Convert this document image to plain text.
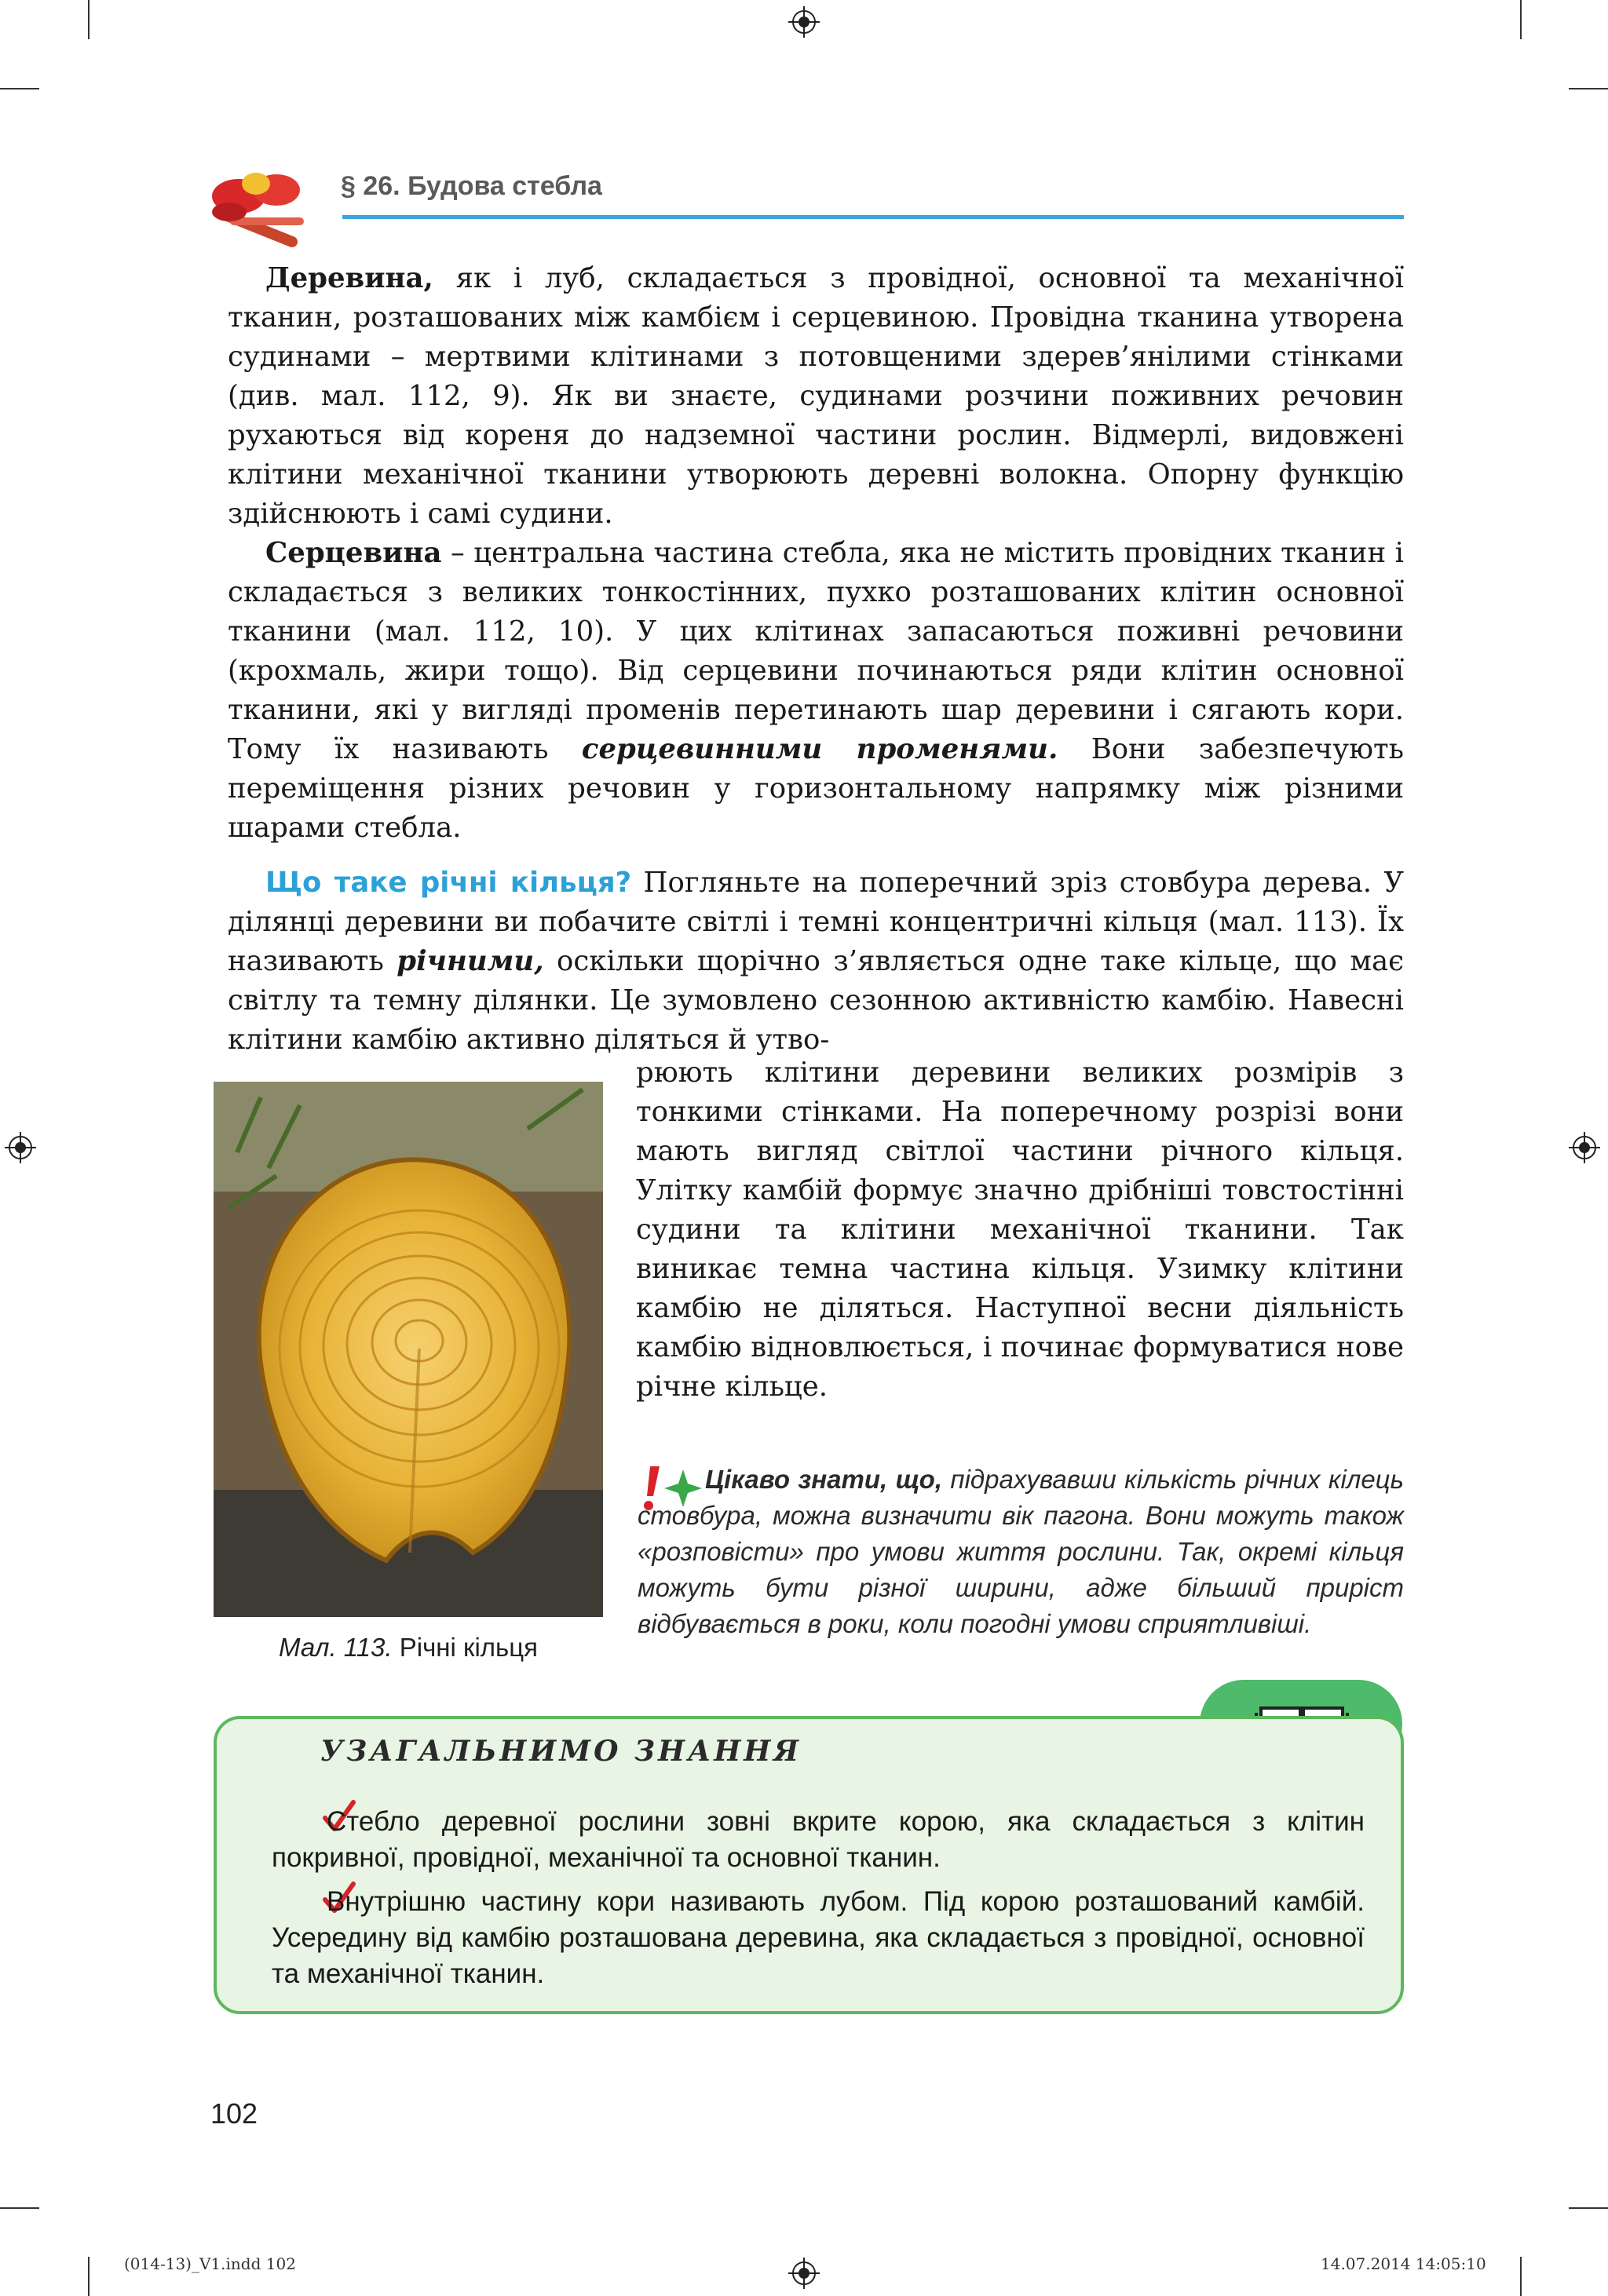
§ 26. Будова стебла

Деревина, як і луб, складається з провідної, основної та механічної тканин, розташованих між камбієм і серцевиною. Провідна тканина утворена судинами – мертвими клітинами з потовщеними здерев’янілими стінками (див. мал. 112, 9). Як ви знаєте, судинами розчини поживних речовин рухаються від кореня до надземної частини рослин. Відмерлі, видовжені клітини механічної тканини утворюють деревні волокна. Опорну функцію здійснюють і самі судини.

Серцевина – центральна частина стебла, яка не містить провідних тканин і складається з великих тонкостінних, пухко розташованих клітин основної тканини (мал. 112, 10). У цих клітинах запасаються поживні речовини (крохмаль, жири тощо). Від серцевини починаються ряди клітин основної тканини, які у вигляді променів перетинають шар деревини і сягають кори. Тому їх називають серцевинними променями. Вони забезпечують переміщення різних речовин у горизонтальному напрямку між різними шарами стебла.

Що таке річні кільця? Погляньте на поперечний зріз стовбура дерева. У ділянці деревини ви побачите світлі і темні концентричні кільця (мал. 113). Їх називають річними, оскільки щорічно з’являється одне таке кільце, що має світлу та темну ділянки. Це зумовлено сезонною активністю камбію. Навесні клітини камбію активно діляться й утво-

рюють клітини деревини великих розмірів з тонкими стінками. На поперечному розрізі вони мають вигляд світлої частини річного кільця. Улітку камбій формує значно дрібніші товстостінні судини та клітини механічної тканини. Так виникає темна частина кільця. Узимку клітини камбію не діляться. Наступної весни діяльність камбію відновлюється, і починає формуватися нове річне кільце.

Мал. 113. Річні кільця
Цікаво знати, що, підрахувавши кількість річних кілець стовбура, можна визначити вік пагона. Вони можуть також «розповісти» про умови життя рослини. Так, окремі кільця можуть бути різної ширини, адже більший приріст відбувається в роки, коли погодні умови сприятливіші.
УЗАГАЛЬНИМО ЗНАННЯ

Стебло деревної рослини зовні вкрите корою, яка складається з клітин покривної, провідної, механічної та основної тканин.

Внутрішню частину кори називають лубом. Під корою розташований камбій. Усередину від камбію розташована деревина, яка складається з провідної, основної та механічної тканин.

102
(014-13)_V1.indd 102	14.07.2014 14:05:10
